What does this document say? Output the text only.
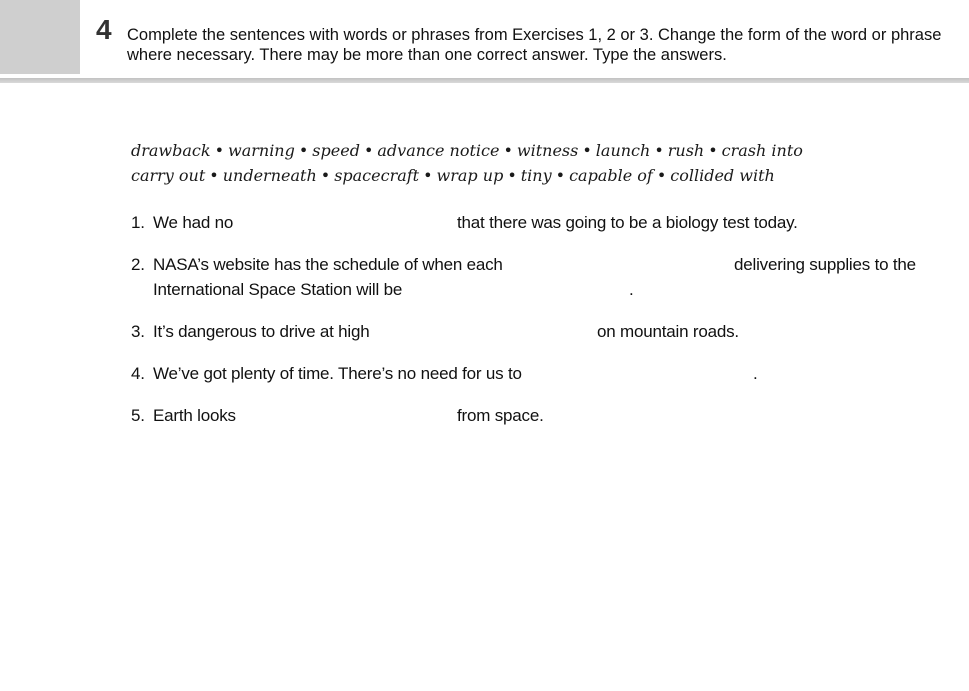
4 Complete the sentences with words or phrases from Exercises 1, 2 or 3. Change the form of the word or phrase where necessary. There may be more than one correct answer. Type the answers.
drawback • warning • speed • advance notice • witness • launch • rush • crash into
carry out • underneath • spacecraft • wrap up • tiny • capable of • collided with
1. We had no	that there was going to be a biology test today.
2. NASA’s website has the schedule of when each	delivering supplies to the
International Space Station will be	.
3. It’s dangerous to drive at high	on mountain roads.
4. We’ve got plenty of time. There’s no need for us to	.
5. Earth looks	from space.
